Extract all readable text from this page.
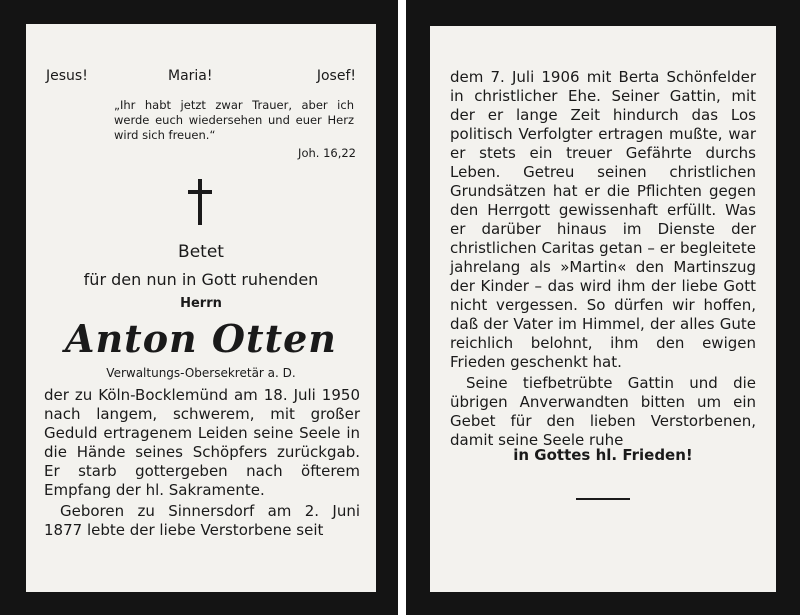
Jesus!	Maria!	Josef!
„Ihr habt jetzt zwar Trauer, aber ich werde euch wiedersehen und euer Herz wird sich freuen.“
Joh. 16,22
Betet
für den nun in Gott ruhenden
Herrn
Anton Otten
Verwaltungs-Obersekretär a. D.

der zu Köln-Bocklemünd am 18. Juli 1950 nach langem, schwerem, mit großer Geduld ertragenem Leiden seine Seele in die Hände seines Schöpfers zurückgab. Er starb gottergeben nach öfterem Empfang der hl. Sakramente.

Geboren zu Sinnersdorf am 2. Juni 1877 lebte der liebe Verstorbene seit

dem 7. Juli 1906 mit Berta Schönfelder in christlicher Ehe. Seiner Gattin, mit der er lange Zeit hindurch das Los politisch Verfolgter ertragen mußte, war er stets ein treuer Gefährte durchs Leben. Getreu seinen christlichen Grundsätzen hat er die Pflichten gegen den Herrgott gewissenhaft erfüllt. Was er darüber hinaus im Dienste der christlichen Caritas getan – er begleitete jahrelang als »Martin« den Martinszug der Kinder – das wird ihm der liebe Gott nicht vergessen. So dürfen wir hoffen, daß der Vater im Himmel, der alles Gute reichlich belohnt, ihm den ewigen Frieden geschenkt hat.

Seine tiefbetrübte Gattin und die übrigen Anverwandten bitten um ein Gebet für den lieben Verstorbenen, damit seine Seele ruhe

in Gottes hl. Frieden!
